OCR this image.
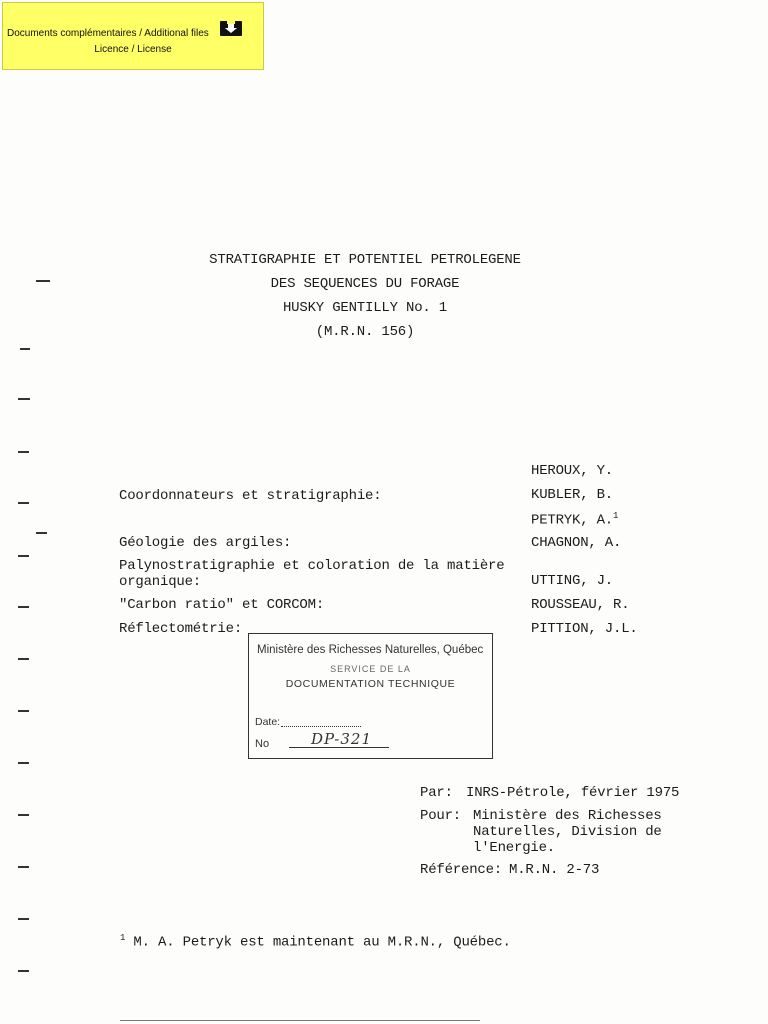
Documents complémentaires / Additional files
Licence / License
STRATIGRAPHIE ET POTENTIEL PETROLEGENE
DES SEQUENCES DU FORAGE
HUSKY GENTILLY No. 1
(M.R.N. 156)
HEROUX, Y.
KUBLER, B.
PETRYK, A.$^1$
CHAGNON, A.
UTTING, J.
ROUSSEAU, R.
PITTION, J.L.
Coordonnateurs et stratigraphie:
Géologie des argiles:
Palynostratigraphie et coloration de la matière
organique:
"Carbon ratio" et CORCOM:
Réflectométrie:
Ministère des Richesses Naturelles, Québec
SERVICE DE LA
DOCUMENTATION TECHNIQUE
Date:
No	DP-321
Par: INRS-Pétrole, février 1975
Pour: Ministère des Richesses
Naturelles, Division de
l'Energie.
Référence: M.R.N. 2-73
$^1$ M. A. Petryk est maintenant au M.R.N., Québec.
